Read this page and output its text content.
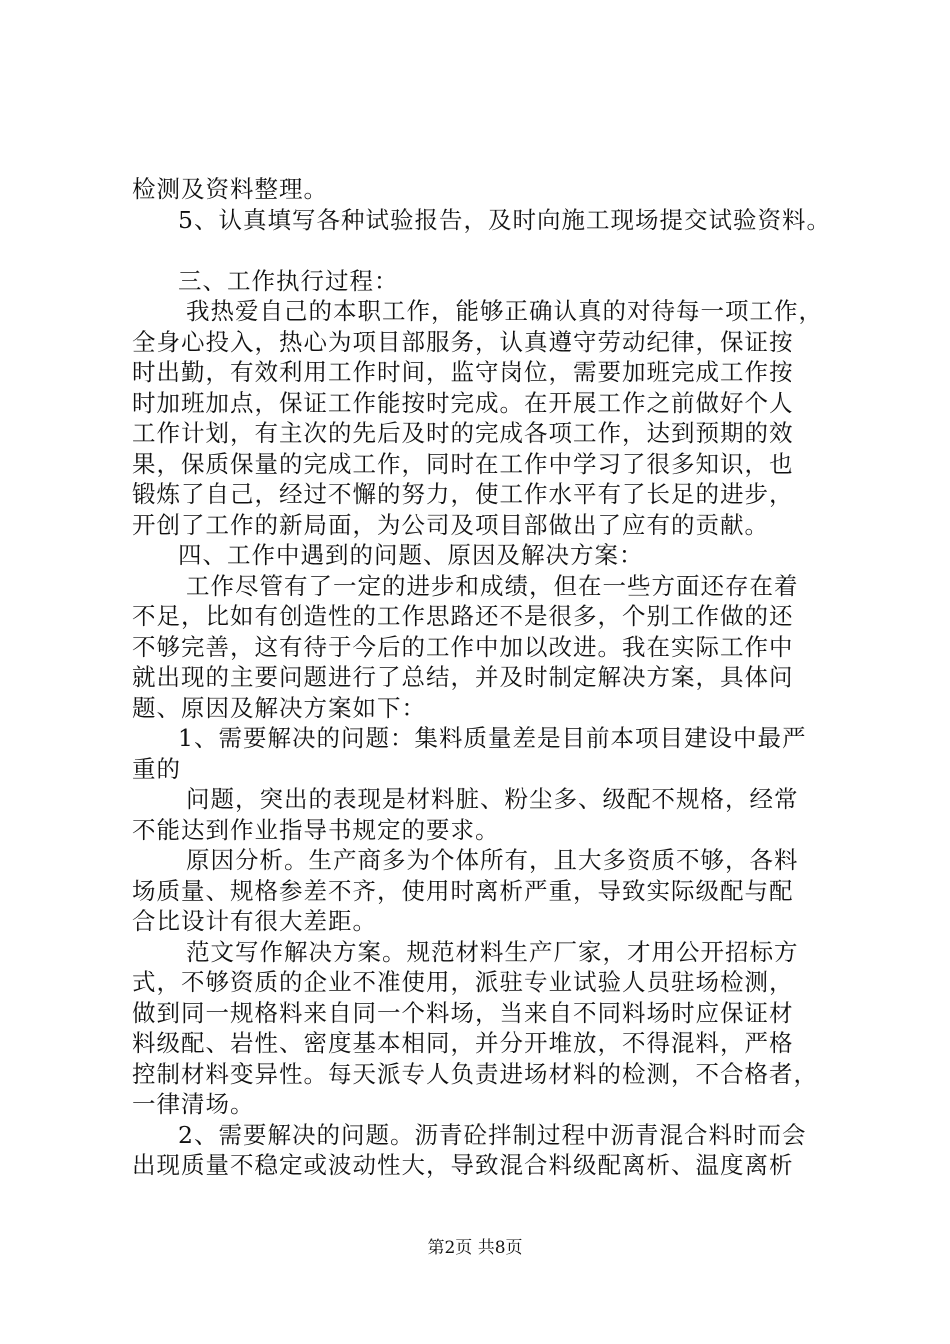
检测及资料整理。
5、认真填写各种试验报告，及时向施工现场提交试验资料。
三、工作执行过程：
我热爱自己的本职工作，能够正确认真的对待每一项工作，
全身心投入，热心为项目部服务，认真遵守劳动纪律，保证按
时出勤，有效利用工作时间，监守岗位，需要加班完成工作按
时加班加点，保证工作能按时完成。在开展工作之前做好个人
工作计划，有主次的先后及时的完成各项工作，达到预期的效
果，保质保量的完成工作，同时在工作中学习了很多知识，也
锻炼了自己，经过不懈的努力，使工作水平有了长足的进步，
开创了工作的新局面，为公司及项目部做出了应有的贡献。
四、工作中遇到的问题、原因及解决方案：
工作尽管有了一定的进步和成绩，但在一些方面还存在着
不足，比如有创造性的工作思路还不是很多，个别工作做的还
不够完善，这有待于今后的工作中加以改进。我在实际工作中
就出现的主要问题进行了总结，并及时制定解决方案，具体问
题、原因及解决方案如下：
1、需要解决的问题：集料质量差是目前本项目建设中最严
重的
问题，突出的表现是材料脏、粉尘多、级配不规格，经常
不能达到作业指导书规定的要求。
原因分析。生产商多为个体所有，且大多资质不够，各料
场质量、规格参差不齐，使用时离析严重，导致实际级配与配
合比设计有很大差距。
范文写作解决方案。规范材料生产厂家，才用公开招标方
式，不够资质的企业不准使用，派驻专业试验人员驻场检测，
做到同一规格料来自同一个料场，当来自不同料场时应保证材
料级配、岩性、密度基本相同，并分开堆放，不得混料，严格
控制材料变异性。每天派专人负责进场材料的检测，不合格者，
一律清场。
2、需要解决的问题。沥青砼拌制过程中沥青混合料时而会
出现质量不稳定或波动性大，导致混合料级配离析、温度离析
第2页 共8页
